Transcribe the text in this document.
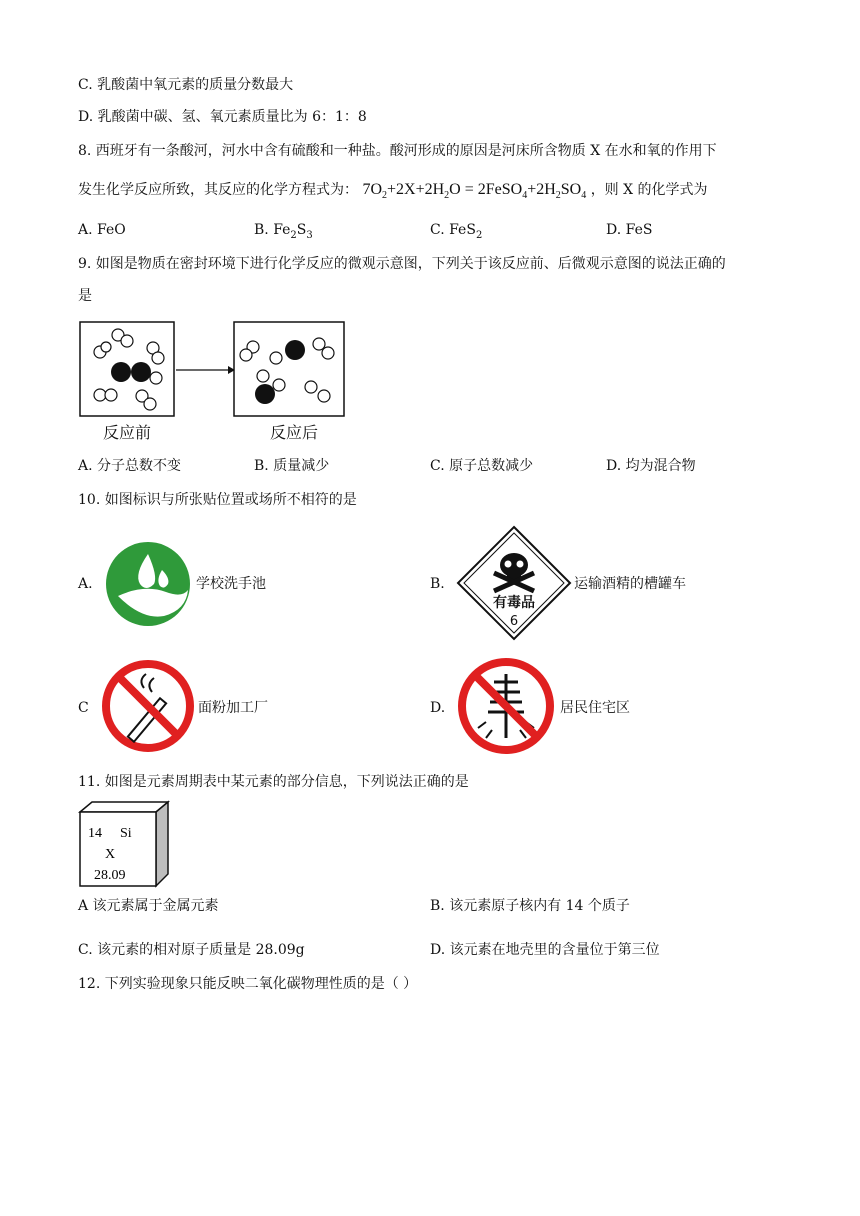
C. 乳酸菌中氧元素的质量分数最大
D. 乳酸菌中碳、氢、氧元素质量比为 6：1：8
8. 西班牙有一条酸河，河水中含有硫酸和一种盐。酸河形成的原因是河床所含物质 X 在水和氧的作用下
发生化学反应所致，其反应的化学方程式为： $7O_2+2X+2H_2O$ = $2FeSO_4+2H_2SO_4$ ，则 X 的化学式为
A. FeO	B. $Fe_2S_3$	C. FeS$_2$	D. FeS
9. 如图是物质在密封环境下进行化学反应的微观示意图，下列关于该反应前、后微观示意图的说法正确的
是
反应前	反应后
A. 分子总数不变	B. 质量减少	C. 原子总数减少	D. 均为混合物
10. 如图标识与所张贴位置或场所不相符的是
A.	学校洗手池	B.
有毒品
6
运输酒精的槽罐车
C	面粉加工厂	D.	居民住宅区
11. 如图是元素周期表中某元素的部分信息，下列说法正确的是
14 Si
X
28.09
A 该元素属于金属元素	B. 该元素原子核内有 14 个质子
C. 该元素的相对原子质量是 28.09g	D. 该元素在地壳里的含量位于第三位
12. 下列实验现象只能反映二氧化碳物理性质的是（ ）
